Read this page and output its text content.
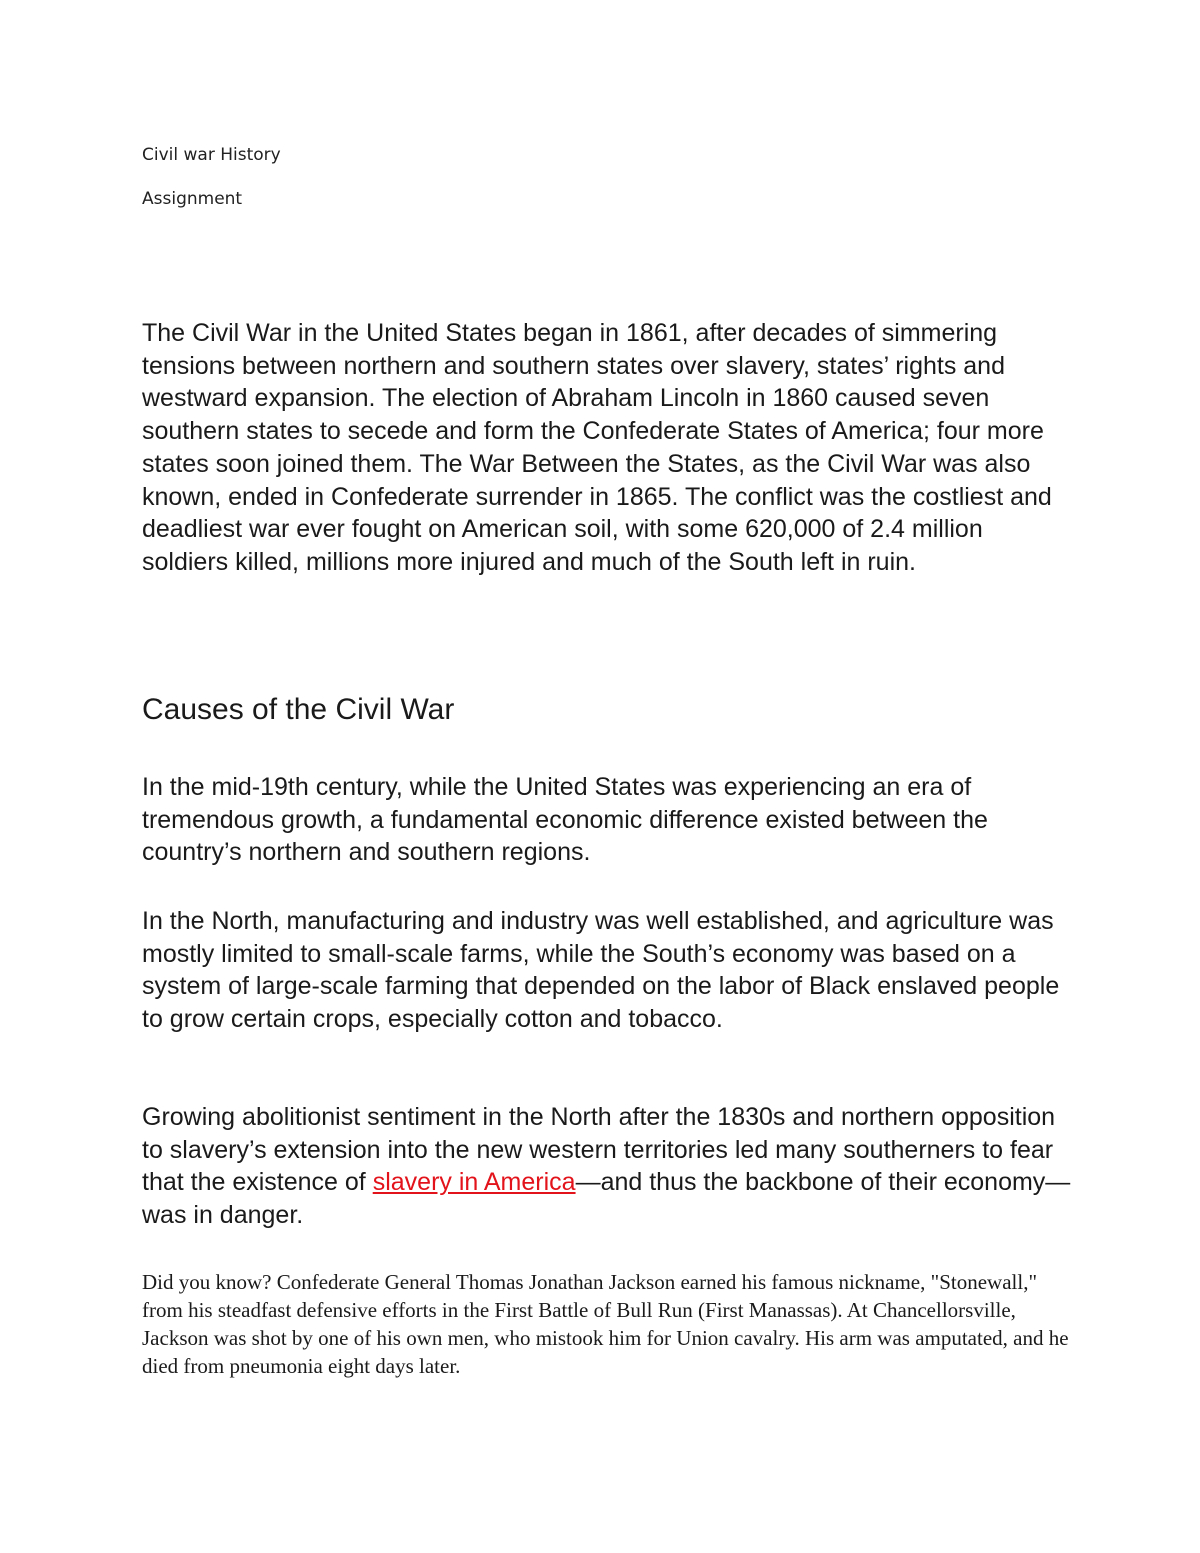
Civil war History

Assignment

The Civil War in the United States began in 1861, after decades of simmering tensions between northern and southern states over slavery, states’ rights and westward expansion. The election of Abraham Lincoln in 1860 caused seven southern states to secede and form the Confederate States of America; four more states soon joined them. The War Between the States, as the Civil War was also known, ended in Confederate surrender in 1865. The conflict was the costliest and deadliest war ever fought on American soil, with some 620,000 of 2.4 million soldiers killed, millions more injured and much of the South left in ruin.

Causes of the Civil War

In the mid-19th century, while the United States was experiencing an era of tremendous growth, a fundamental economic difference existed between the country’s northern and southern regions.

In the North, manufacturing and industry was well established, and agriculture was mostly limited to small-scale farms, while the South’s economy was based on a system of large-scale farming that depended on the labor of Black enslaved people to grow certain crops, especially cotton and tobacco.

Growing abolitionist sentiment in the North after the 1830s and northern opposition to slavery’s extension into the new western territories led many southerners to fear that the existence of slavery in America—and thus the backbone of their economy—was in danger.

Did you know? Confederate General Thomas Jonathan Jackson earned his famous nickname, "Stonewall," from his steadfast defensive efforts in the First Battle of Bull Run (First Manassas). At Chancellorsville, Jackson was shot by one of his own men, who mistook him for Union cavalry. His arm was amputated, and he died from pneumonia eight days later.
